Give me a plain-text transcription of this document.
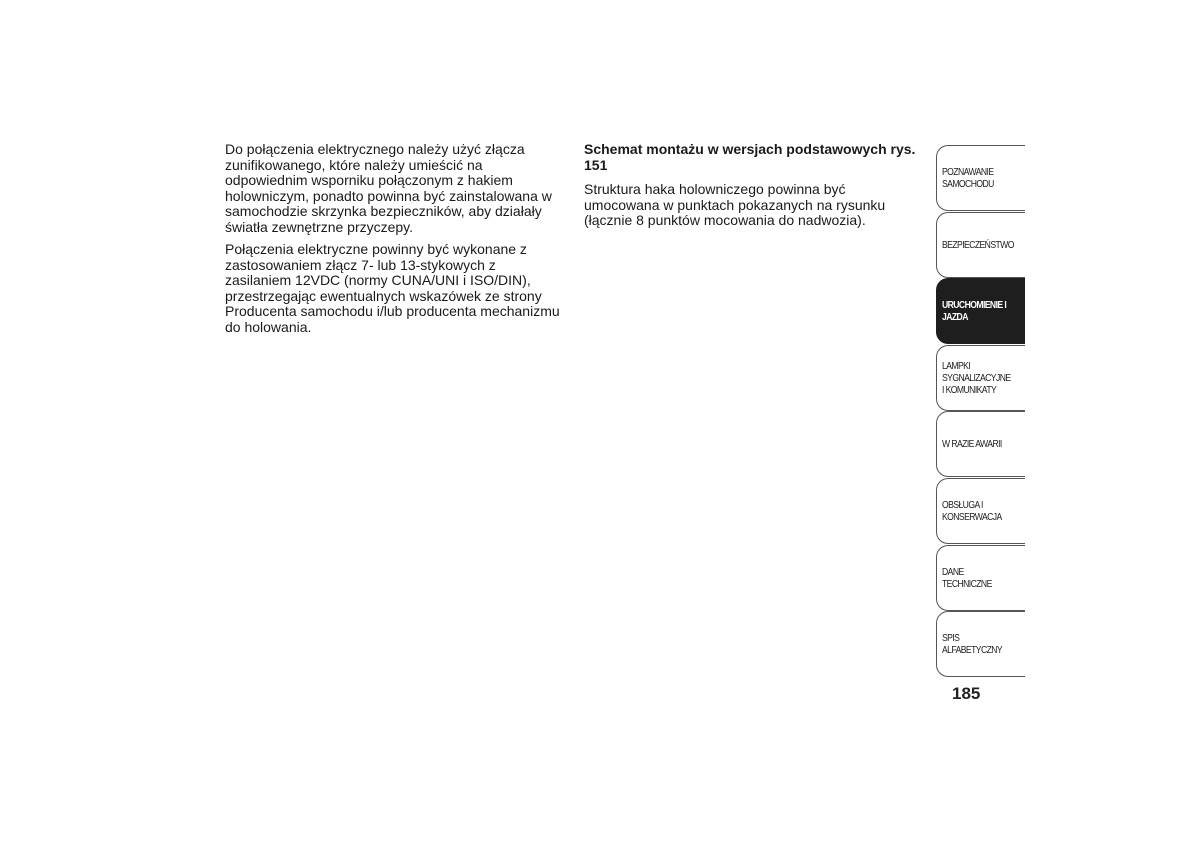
Do połączenia elektrycznego należy użyć złącza zunifikowanego, które należy umieścić na odpowiednim wsporniku połączonym z hakiem holowniczym, ponadto powinna być zainstalowana w samochodzie skrzynka bezpieczników, aby działały światła zewnętrzne przyczepy.

Połączenia elektryczne powinny być wykonane z zastosowaniem złącz 7- lub 13-stykowych z zasilaniem 12VDC (normy CUNA/UNI i ISO/DIN), przestrzegając ewentualnych wskazówek ze strony Producenta samochodu i/lub producenta mechanizmu do holowania.

Schemat montażu w wersjach podstawowych rys. 151

Struktura haka holowniczego powinna być umocowana w punktach pokazanych na rysunku (łącznie 8 punktów mocowania do nadwozia).

POZNAWANIE SAMOCHODU
BEZPIECZEŃSTWO
URUCHOMIENIE I JAZDA
LAMPKI SYGNALIZACYJNE I KOMUNIKATY
W RAZIE AWARII
OBSŁUGA I KONSERWACJA
DANE TECHNICZNE
SPIS ALFABETYCZNY
185
